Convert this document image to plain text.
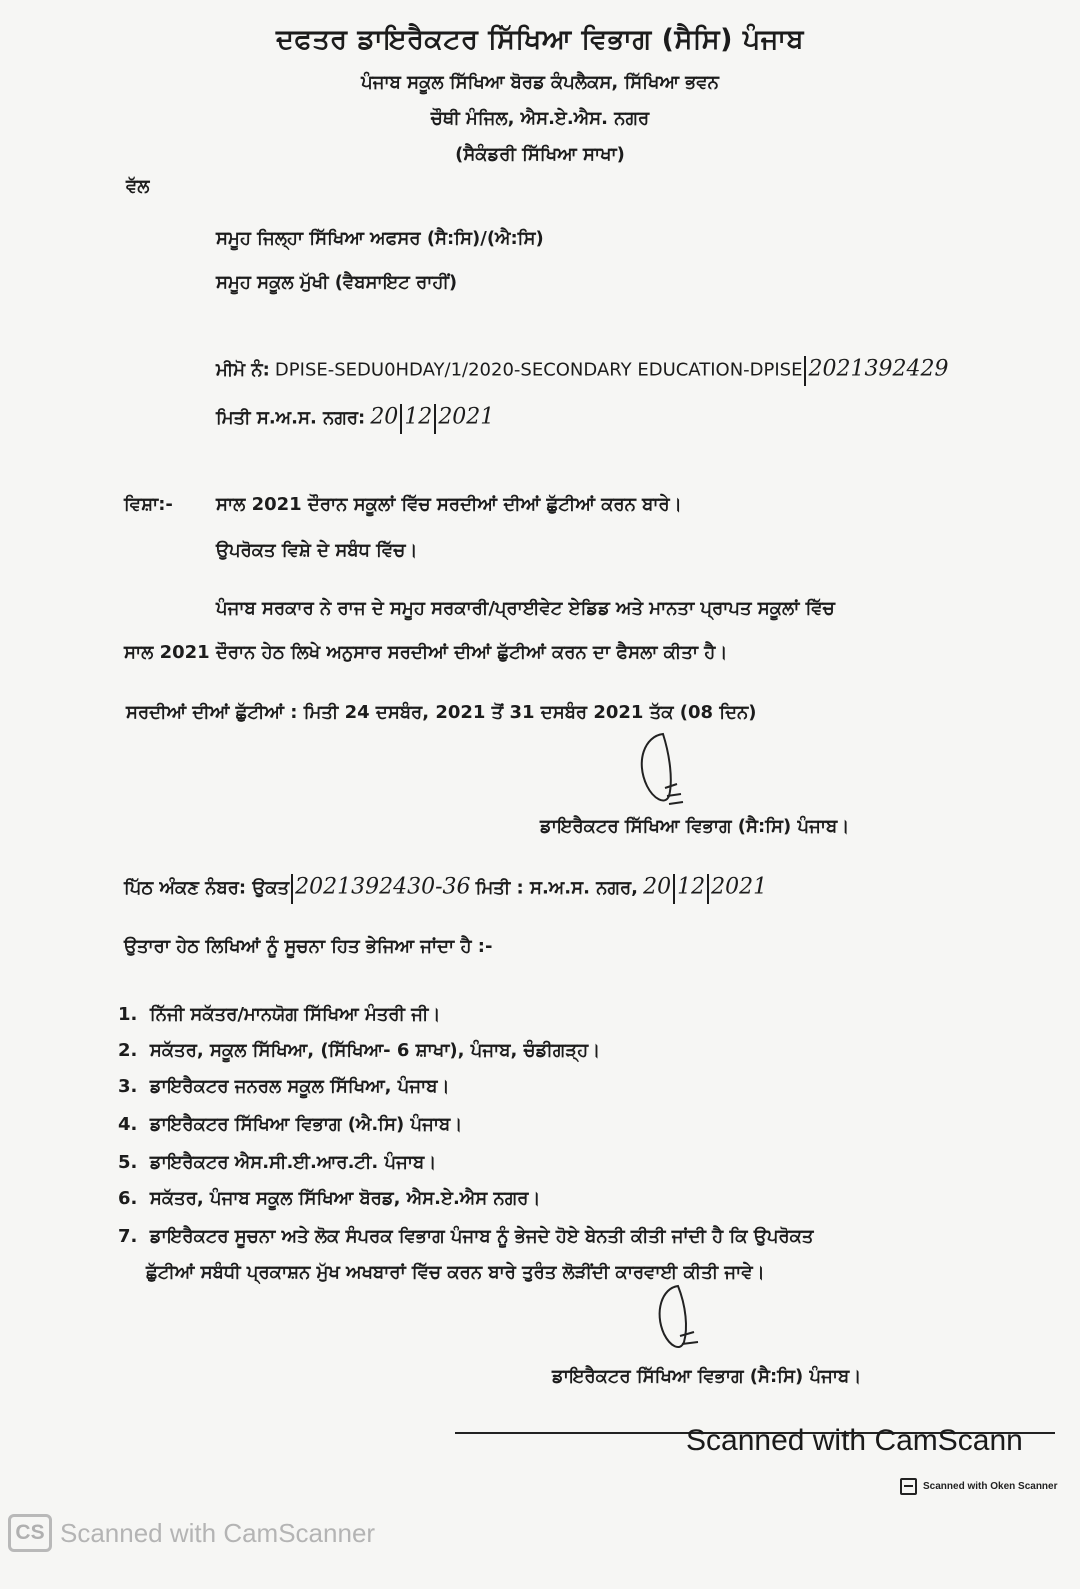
ਦਫਤਰ ਡਾਇਰੈਕਟਰ ਸਿੱਖਿਆ ਵਿਭਾਗ (ਸੈਸਿ) ਪੰਜਾਬ
ਪੰਜਾਬ ਸਕੂਲ ਸਿੱਖਿਆ ਬੋਰਡ ਕੰਪਲੈਕਸ, ਸਿੱਖਿਆ ਭਵਨ
ਚੌਥੀ ਮੰਜਿਲ, ਐਸ.ਏ.ਐਸ. ਨਗਰ
(ਸੈਕੰਡਰੀ ਸਿੱਖਿਆ ਸਾਖਾ)
ਵੱਲ
ਸਮੂਹ ਜਿਲ੍ਹਾ ਸਿੱਖਿਆ ਅਫਸਰ (ਸੈ:ਸਿ)/(ਐ:ਸਿ)
ਸਮੂਹ ਸਕੂਲ ਮੁੱਖੀ (ਵੈਬਸਾਇਟ ਰਾਹੀਂ)
ਮੀਮੋ ਨੰ: DPISE-SEDU0HDAY/1/2020-SECONDARY EDUCATION-DPISE 2021392429
ਮਿਤੀ ਸ.ਅ.ਸ. ਨਗਰ: 20 12 2021
ਵਿਸ਼ਾ:- ਸਾਲ 2021 ਦੌਰਾਨ ਸਕੂਲਾਂ ਵਿੱਚ ਸਰਦੀਆਂ ਦੀਆਂ ਛੁੱਟੀਆਂ ਕਰਨ ਬਾਰੇ।
ਉਪਰੋਕਤ ਵਿਸ਼ੇ ਦੇ ਸਬੰਧ ਵਿੱਚ।
ਪੰਜਾਬ ਸਰਕਾਰ ਨੇ ਰਾਜ ਦੇ ਸਮੂਹ ਸਰਕਾਰੀ/ਪ੍ਰਾਈਵੇਟ ਏਡਿਡ ਅਤੇ ਮਾਨਤਾ ਪ੍ਰਾਪਤ ਸਕੂਲਾਂ ਵਿੱਚ
ਸਾਲ 2021 ਦੌਰਾਨ ਹੇਠ ਲਿਖੇ ਅਨੁਸਾਰ ਸਰਦੀਆਂ ਦੀਆਂ ਛੁੱਟੀਆਂ ਕਰਨ ਦਾ ਫੈਸਲਾ ਕੀਤਾ ਹੈ।
ਸਰਦੀਆਂ ਦੀਆਂ ਛੁੱਟੀਆਂ : ਮਿਤੀ 24 ਦਸਬੰਰ, 2021 ਤੋਂ 31 ਦਸਬੰਰ 2021 ਤੱਕ (08 ਦਿਨ)
ਡਾਇਰੈਕਟਰ ਸਿੱਖਿਆ ਵਿਭਾਗ (ਸੈ:ਸਿ) ਪੰਜਾਬ।
ਪਿੱਠ ਅੰਕਣ ਨੰਬਰ: ਉਕਤ 2021392430-36 ਮਿਤੀ : ਸ.ਅ.ਸ. ਨਗਰ, 20 12 2021
ਉਤਾਰਾ ਹੇਠ ਲਿਖਿਆਂ ਨੂੰ ਸੂਚਨਾ ਹਿਤ ਭੇਜਿਆ ਜਾਂਦਾ ਹੈ :-
1. ਨਿੱਜੀ ਸਕੱਤਰ/ਮਾਨਯੋਗ ਸਿੱਖਿਆ ਮੰਤਰੀ ਜੀ।
2. ਸਕੱਤਰ, ਸਕੂਲ ਸਿੱਖਿਆ, (ਸਿੱਖਿਆ- 6 ਸ਼ਾਖਾ), ਪੰਜਾਬ, ਚੰਡੀਗੜ੍ਹ।
3. ਡਾਇਰੈਕਟਰ ਜਨਰਲ ਸਕੂਲ ਸਿੱਖਿਆ, ਪੰਜਾਬ।
4. ਡਾਇਰੈਕਟਰ ਸਿੱਖਿਆ ਵਿਭਾਗ (ਐ.ਸਿ) ਪੰਜਾਬ।
5. ਡਾਇਰੈਕਟਰ ਐਸ.ਸੀ.ਈ.ਆਰ.ਟੀ. ਪੰਜਾਬ।
6. ਸਕੱਤਰ, ਪੰਜਾਬ ਸਕੂਲ ਸਿੱਖਿਆ ਬੋਰਡ, ਐਸ.ਏ.ਐਸ ਨਗਰ।
7. ਡਾਇਰੈਕਟਰ ਸੂਚਨਾ ਅਤੇ ਲੋਕ ਸੰਪਰਕ ਵਿਭਾਗ ਪੰਜਾਬ ਨੂੰ ਭੇਜਦੇ ਹੋਏ ਬੇਨਤੀ ਕੀਤੀ ਜਾਂਦੀ ਹੈ ਕਿ ਉਪਰੋਕਤ
ਛੁੱਟੀਆਂ ਸਬੰਧੀ ਪ੍ਰਕਾਸ਼ਨ ਮੁੱਖ ਅਖਬਾਰਾਂ ਵਿੱਚ ਕਰਨ ਬਾਰੇ ਤੁਰੰਤ ਲੋੜੀਂਦੀ ਕਾਰਵਾਈ ਕੀਤੀ ਜਾਵੇ।
ਡਾਇਰੈਕਟਰ ਸਿੱਖਿਆ ਵਿਭਾਗ (ਸੈ:ਸਿ) ਪੰਜਾਬ।
Scanned with CamScann
Scanned with Oken Scanner
CS Scanned with CamScanner
